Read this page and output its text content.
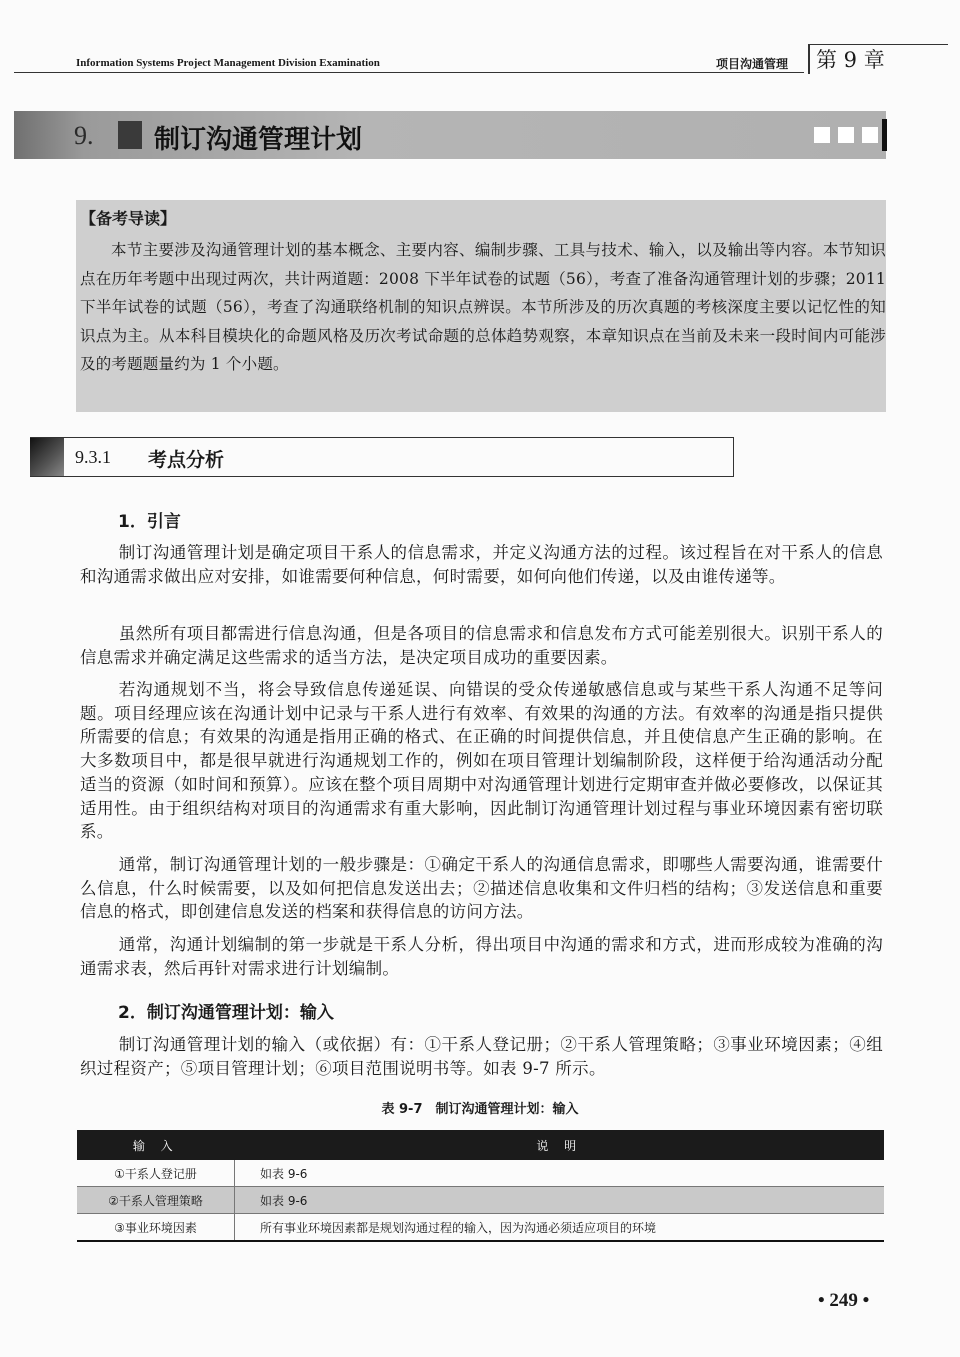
Information Systems Project Management Division Examination	项目沟通管理 第 9 章
9. 制订沟通管理计划
【备考导读】
本节主要涉及沟通管理计划的基本概念、主要内容、编制步骤、工具与技术、输入，以及输出等内容。本节知识点在历年考题中出现过两次，共计两道题：2008 下半年试卷的试题（56），考查了准备沟通管理计划的步骤；2011 下半年试卷的试题（56），考查了沟通联络机制的知识点辨误。本节所涉及的历次真题的考核深度主要以记忆性的知识点为主。从本科目模块化的命题风格及历次考试命题的总体趋势观察，本章知识点在当前及未来一段时间内可能涉及的考题题量约为 1 个小题。
9.3.1 考点分析
1．引言
制订沟通管理计划是确定项目干系人的信息需求，并定义沟通方法的过程。该过程旨在对干系人的信息和沟通需求做出应对安排，如谁需要何种信息，何时需要，如何向他们传递，以及由谁传递等。
虽然所有项目都需进行信息沟通，但是各项目的信息需求和信息发布方式可能差别很大。识别干系人的信息需求并确定满足这些需求的适当方法，是决定项目成功的重要因素。
若沟通规划不当，将会导致信息传递延误、向错误的受众传递敏感信息或与某些干系人沟通不足等问题。项目经理应该在沟通计划中记录与干系人进行有效率、有效果的沟通的方法。有效率的沟通是指只提供所需要的信息；有效果的沟通是指用正确的格式、在正确的时间提供信息，并且使信息产生正确的影响。在大多数项目中，都是很早就进行沟通规划工作的，例如在项目管理计划编制阶段，这样便于给沟通活动分配适当的资源（如时间和预算）。应该在整个项目周期中对沟通管理计划进行定期审查并做必要修改，以保证其适用性。由于组织结构对项目的沟通需求有重大影响，因此制订沟通管理计划过程与事业环境因素有密切联系。
通常，制订沟通管理计划的一般步骤是：①确定干系人的沟通信息需求，即哪些人需要沟通，谁需要什么信息，什么时候需要，以及如何把信息发送出去；②描述信息收集和文件归档的结构；③发送信息和重要信息的格式，即创建信息发送的档案和获得信息的访问方法。
通常，沟通计划编制的第一步就是干系人分析，得出项目中沟通的需求和方式，进而形成较为准确的沟通需求表，然后再针对需求进行计划编制。
2．制订沟通管理计划：输入
制订沟通管理计划的输入（或依据）有：①干系人登记册；②干系人管理策略；③事业环境因素；④组织过程资产；⑤项目管理计划；⑥项目范围说明书等。如表 9-7 所示。
表 9-7　制订沟通管理计划：输入
输 入	说 明
①干系人登记册	如表 9-6
②干系人管理策略	如表 9-6
③事业环境因素	所有事业环境因素都是规划沟通过程的输入，因为沟通必须适应项目的环境
• 249 •
